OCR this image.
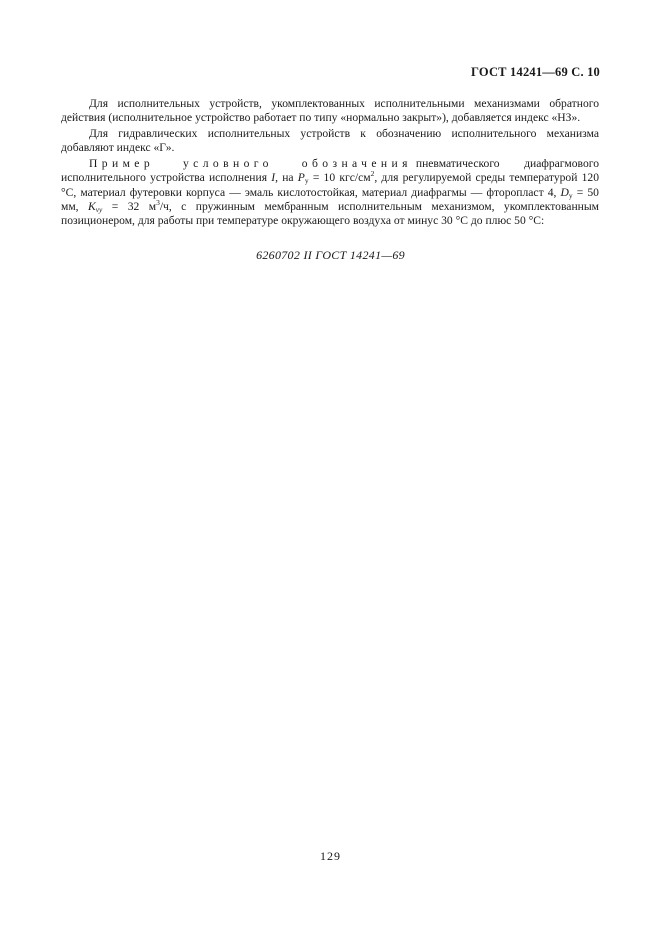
ГОСТ 14241—69 С. 10

Для исполнительных устройств, укомплектованных исполнительными механизмами обратного действия (исполнительное устройство работает по типу «нормально закрыт»), добавляется индекс «НЗ».

Для гидравлических исполнительных устройств к обозначению исполнительного механизма добавляют индекс «Г».

Пример условного обозначения пневматического диафрагмового исполнительного устройства исполнения I, на $P_у = 10$ кгс/$см^2$, для регулируемой среды температурой 120 °С, материал футеровки корпуса — эмаль кислотостойкая, материал диафрагмы — фторопласт 4, $D_у = 50$ мм, $K_{vy} = 32$ $м^3/ч$, с пружинным мембранным исполнительным механизмом, укомплектованным позиционером, для работы при температуре окружающего воздуха от минус 30 °С до плюс 50 °С:

6260702 II ГОСТ 14241—69
129
